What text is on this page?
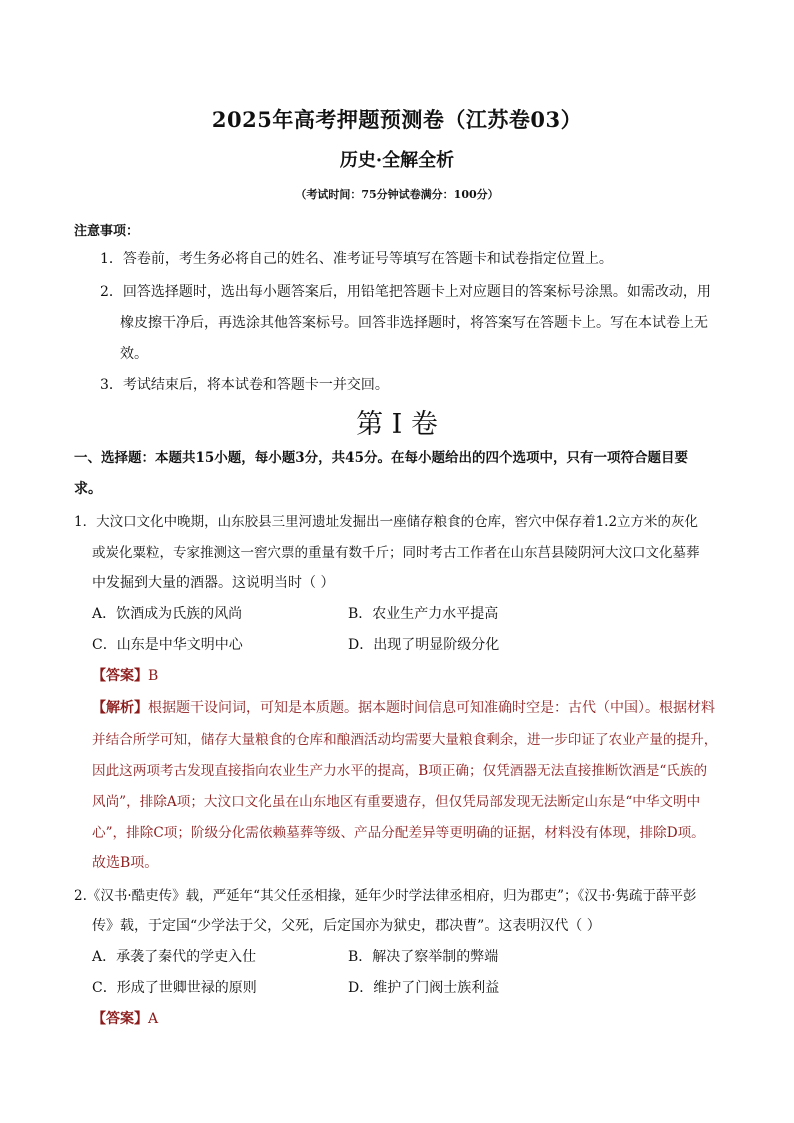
2025年高考押题预测卷（江苏卷03）
历史·全解全析
（考试时间：75分钟试卷满分：100分）
注意事项：
1．答卷前，考生务必将自己的姓名、准考证号等填写在答题卡和试卷指定位置上。
2．回答选择题时，选出每小题答案后，用铅笔把答题卡上对应题目的答案标号涂黑。如需改动，用
橡皮擦干净后，再选涂其他答案标号。回答非选择题时，将答案写在答题卡上。写在本试卷上无
效。
3．考试结束后，将本试卷和答题卡一并交回。
第 I 卷
一、选择题：本题共15小题，每小题3分，共45分。在每小题给出的四个选项中，只有一项符合题目要
求。
1．大汶口文化中晚期，山东胶县三里河遗址发掘出一座储存粮食的仓库，窖穴中保存着1.2立方米的灰化
或炭化粟粒，专家推测这一窖穴票的重量有数千斤；同时考古工作者在山东莒县陵阴河大汶口文化墓葬
中发掘到大量的酒器。这说明当时（ ）
A．饮酒成为氏族的风尚	B．农业生产力水平提高
C．山东是中华文明中心	D．出现了明显阶级分化
【答案】B
【解析】根据题干设问词，可知是本质题。据本题时间信息可知准确时空是：古代（中国）。根据材料
并结合所学可知，储存大量粮食的仓库和酿酒活动均需要大量粮食剩余，进一步印证了农业产量的提升，
因此这两项考古发现直接指向农业生产力水平的提高，B项正确；仅凭酒器无法直接推断饮酒是“氏族的
风尚”，排除A项；大汶口文化虽在山东地区有重要遗存，但仅凭局部发现无法断定山东是“中华文明中
心”，排除C项；阶级分化需依赖墓葬等级、产品分配差异等更明确的证据，材料没有体现，排除D项。
故选B项。
2.《汉书·酷吏传》载，严延年“其父任丞相掾，延年少时学法律丞相府，归为郡吏”；《汉书·隽疏于薛平彭
传》载，于定国“少学法于父，父死，后定国亦为狱史，郡决曹”。这表明汉代（ ）
A．承袭了秦代的学吏入仕	B．解决了察举制的弊端
C．形成了世卿世禄的原则	D．维护了门阀士族利益
【答案】A
